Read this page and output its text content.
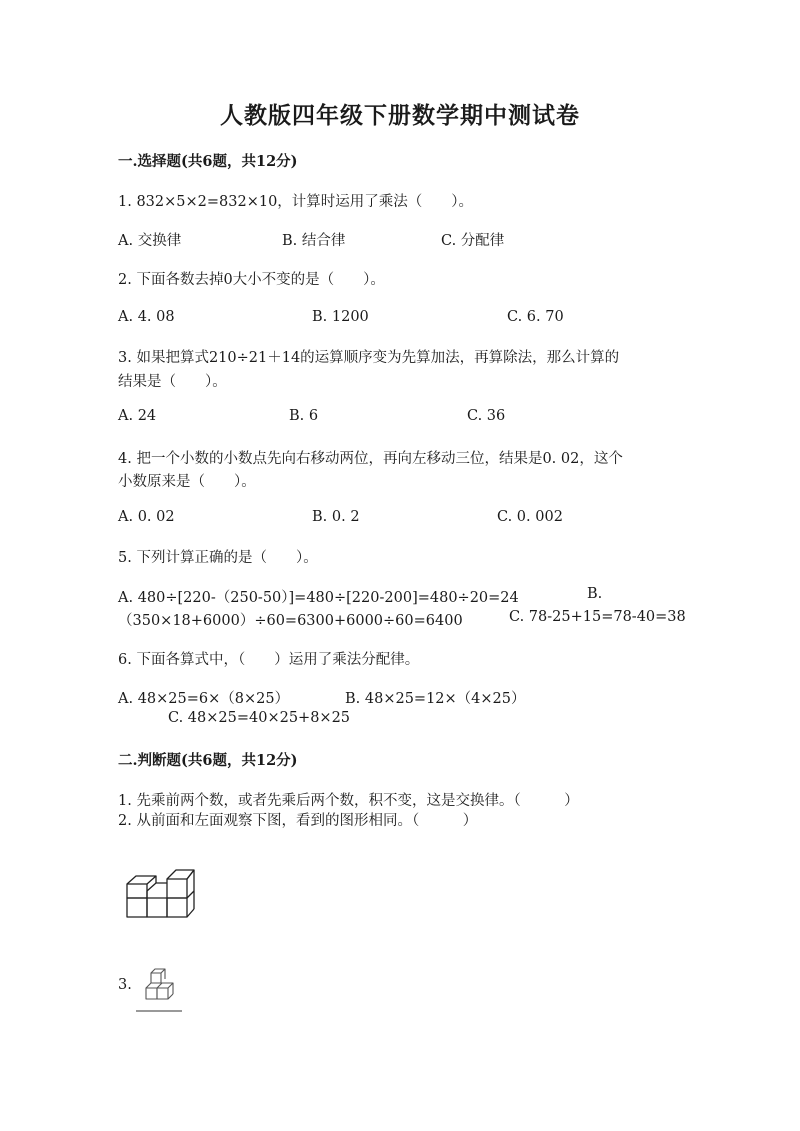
人教版四年级下册数学期中测试卷
一.选择题(共6题，共12分)
1. 832×5×2=832×10，计算时运用了乘法（　　）。
A. 交换律	B. 结合律	C. 分配律
2. 下面各数去掉0大小不变的是（　　）。
A. 4. 08	B. 1200	C. 6. 70
3. 如果把算式210÷21＋14的运算顺序变为先算加法，再算除法，那么计算的
结果是（　　）。
A. 24	B. 6	C. 36
4. 把一个小数的小数点先向右移动两位，再向左移动三位，结果是0. 02，这个
小数原来是（　　）。
A. 0. 02	B. 0. 2	C. 0. 002
5. 下列计算正确的是（　　）。
A. 480÷[220-（250-50）]=480÷[220-200]=480÷20=24	B.
（350×18+6000）÷60=6300+6000÷60=6400	C. 78-25+15=78-40=38
6. 下面各算式中，（　　）运用了乘法分配律。
A. 48×25=6×（8×25）	B. 48×25=12×（4×25）
C. 48×25=40×25+8×25
二.判断题(共6题，共12分)
1. 先乘前两个数，或者先乘后两个数，积不变，这是交换律。（　　　）
2. 从前面和左面观察下图，看到的图形相同。（　　　）
3.
